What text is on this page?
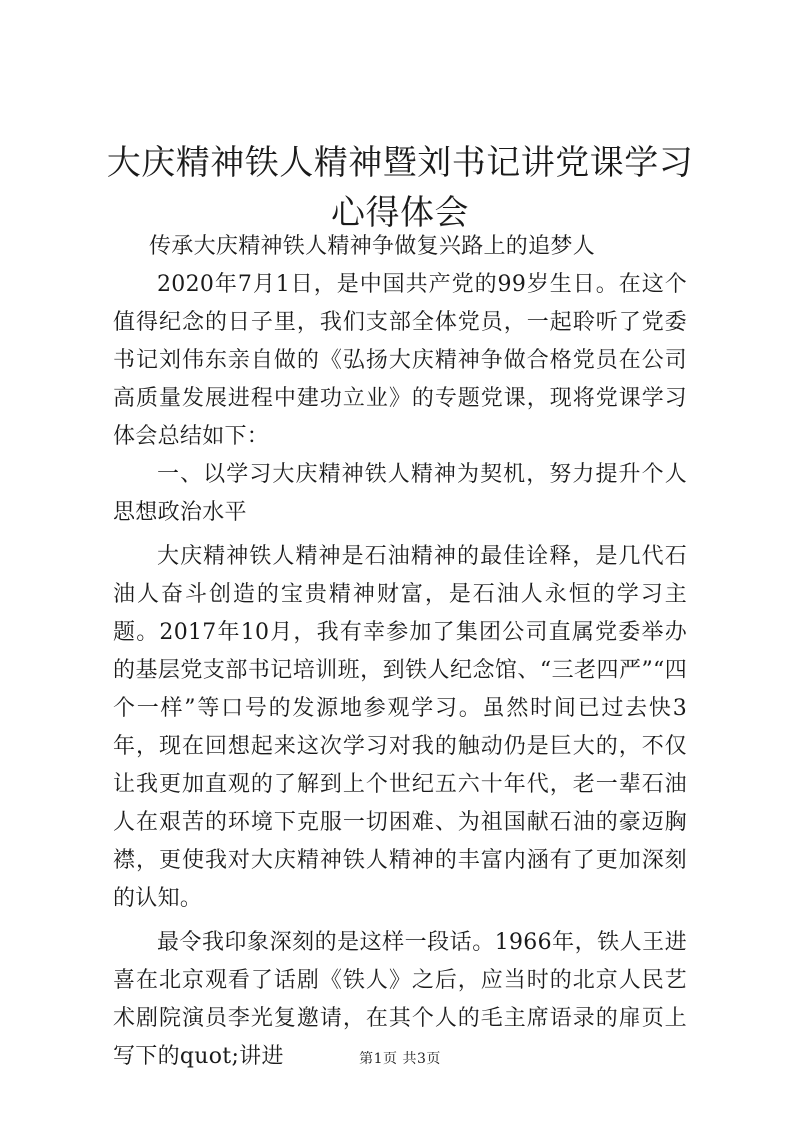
大庆精神铁人精神暨刘书记讲党课学习心得体会

传承大庆精神铁人精神争做复兴路上的追梦人

2020年7月1日，是中国共产党的99岁生日。在这个值得纪念的日子里，我们支部全体党员，一起聆听了党委书记刘伟东亲自做的《弘扬大庆精神争做合格党员在公司高质量发展进程中建功立业》的专题党课，现将党课学习体会总结如下：

一、以学习大庆精神铁人精神为契机，努力提升个人思想政治水平

大庆精神铁人精神是石油精神的最佳诠释，是几代石油人奋斗创造的宝贵精神财富，是石油人永恒的学习主题。2017年10月，我有幸参加了集团公司直属党委举办的基层党支部书记培训班，到铁人纪念馆、“三老四严”“四个一样”等口号的发源地参观学习。虽然时间已过去快3年，现在回想起来这次学习对我的触动仍是巨大的，不仅让我更加直观的了解到上个世纪五六十年代，老一辈石油人在艰苦的环境下克服一切困难、为祖国献石油的豪迈胸襟，更使我对大庆精神铁人精神的丰富内涵有了更加深刻的认知。

最令我印象深刻的是这样一段话。1966年，铁人王进喜在北京观看了话剧《铁人》之后，应当时的北京人民艺术剧院演员李光复邀请，在其个人的毛主席语录的扉页上写下的quot;讲进	第1页 共3页
